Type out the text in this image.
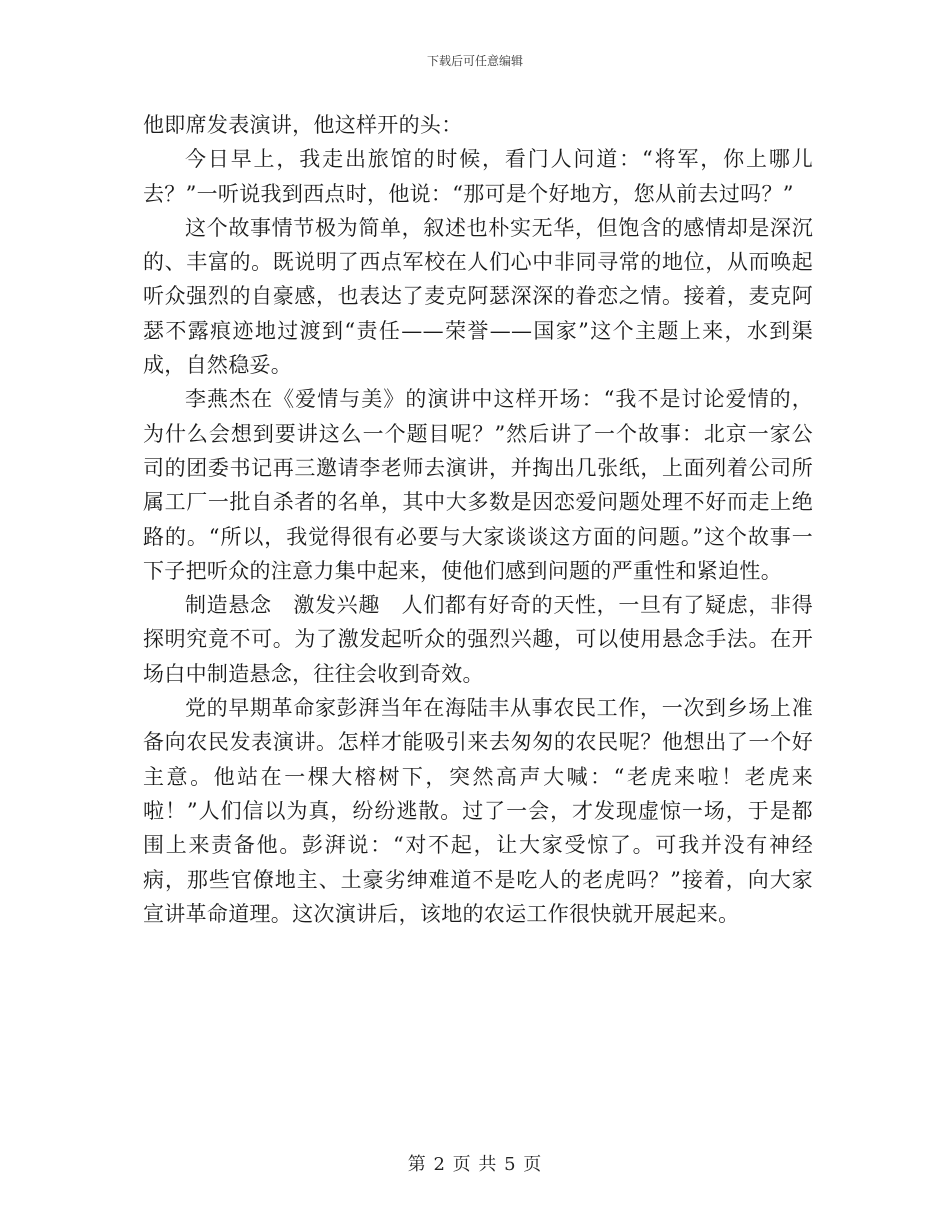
下载后可任意编辑

他即席发表演讲，他这样开的头：

今日早上，我走出旅馆的时候，看门人问道：“将军，你上哪儿去？”一听说我到西点时，他说：“那可是个好地方，您从前去过吗？”

这个故事情节极为简单，叙述也朴实无华，但饱含的感情却是深沉的、丰富的。既说明了西点军校在人们心中非同寻常的地位，从而唤起听众强烈的自豪感，也表达了麦克阿瑟深深的眷恋之情。接着，麦克阿瑟不露痕迹地过渡到“责任——荣誉——国家”这个主题上来，水到渠成，自然稳妥。

李燕杰在《爱情与美》的演讲中这样开场：“我不是讨论爱情的，为什么会想到要讲这么一个题目呢？”然后讲了一个故事：北京一家公司的团委书记再三邀请李老师去演讲，并掏出几张纸，上面列着公司所属工厂一批自杀者的名单，其中大多数是因恋爱问题处理不好而走上绝路的。“所以，我觉得很有必要与大家谈谈这方面的问题。”这个故事一下子把听众的注意力集中起来，使他们感到问题的严重性和紧迫性。

制造悬念　激发兴趣　人们都有好奇的天性，一旦有了疑虑，非得探明究竟不可。为了激发起听众的强烈兴趣，可以使用悬念手法。在开场白中制造悬念，往往会收到奇效。

党的早期革命家彭湃当年在海陆丰从事农民工作，一次到乡场上准备向农民发表演讲。怎样才能吸引来去匆匆的农民呢？他想出了一个好主意。他站在一棵大榕树下，突然高声大喊：“老虎来啦！老虎来啦！”人们信以为真，纷纷逃散。过了一会，才发现虚惊一场，于是都围上来责备他。彭湃说：“对不起，让大家受惊了。可我并没有神经病，那些官僚地主、土豪劣绅难道不是吃人的老虎吗？”接着，向大家宣讲革命道理。这次演讲后，该地的农运工作很快就开展起来。

第 2 页 共 5 页
